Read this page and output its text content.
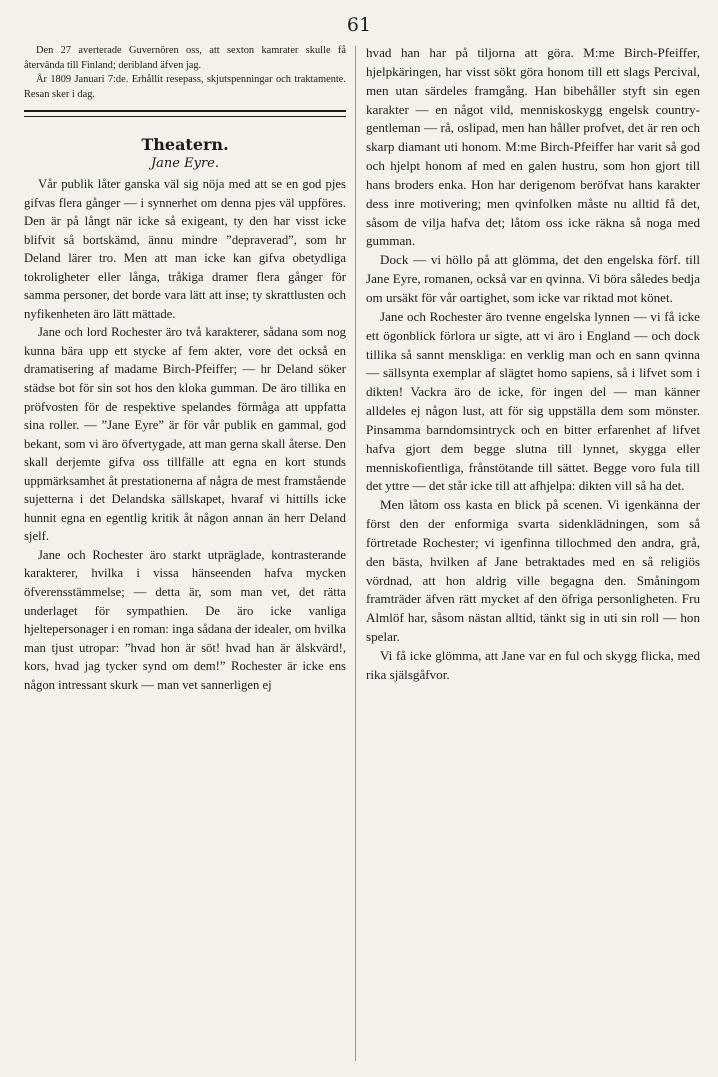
61

Den 27 averterade Guvernören oss, att sexton kamrater skulle få återvända till Finland; deribland äfven jag.

År 1809 Januari 7:de. Erhållit resepass, skjutspenningar och traktamente. Resan sker i dag.

Theatern.
Jane Eyre.

Vår publik låter ganska väl sig nöja med att se en god pjes gifvas flera gånger — i synnerhet om denna pjes väl uppföres. Den är på långt när icke så exigeant, ty den har visst icke blifvit så bortskämd, ännu mindre ”depraverad”, som hr Deland lärer tro. Men att man icke kan gifva obetydliga tokroligheter eller långa, tråkiga dramer flera gånger för samma personer, det borde vara lätt att inse; ty skrattlusten och nyfikenheten äro lätt mättade.

Jane och lord Rochester äro två karakterer, sådana som nog kunna bära upp ett stycke af fem akter, vore det också en dramatisering af madame Birch-Pfeiffer; — hr Deland söker städse bot för sin sot hos den kloka gumman. De äro tillika en pröfvosten för de respektive spelandes förmåga att uppfatta sina roller. — ”Jane Eyre” är för vår publik en gammal, god bekant, som vi äro öfvertygade, att man gerna skall återse. Den skall derjemte gifva oss tillfälle att egna en kort stunds uppmärksamhet åt prestationerna af några de mest framstående sujetterna i det Delandska sällskapet, hvaraf vi hittills icke hunnit egna en egentlig kritik åt någon annan än herr Deland sjelf.

Jane och Rochester äro starkt utpräglade, kontrasterande karakterer, hvilka i vissa hänseenden hafva mycken öfverensstämmelse; — detta är, som man vet, det rätta underlaget för sympathien. De äro icke vanliga hjeltepersonager i en roman: inga sådana der idealer, om hvilka man tjust utropar: ”hvad hon är söt! hvad han är älskvärd!, kors, hvad jag tycker synd om dem!” Rochester är icke ens någon intressant skurk — man vet sannerligen ej

hvad han har på tiljorna att göra. M:me Birch-Pfeiffer, hjelpkäringen, har visst sökt göra honom till ett slags Percival, men utan särdeles framgång. Han bibehåller styft sin egen karakter — en något vild, menniskoskygg engelsk country-gentleman — rå, oslipad, men han håller profvet, det är ren och skarp diamant uti honom. M:me Birch-Pfeiffer har varit så god och hjelpt honom af med en galen hustru, som hon gjort till hans broders enka. Hon har derigenom beröfvat hans karakter dess inre motivering; men qvinfolken måste nu alltid få det, såsom de vilja hafva det; låtom oss icke räkna så noga med gumman.

Dock — vi höllo på att glömma, det den engelska förf. till Jane Eyre, romanen, också var en qvinna. Vi böra således bedja om ursäkt för vår oartighet, som icke var riktad mot könet.

Jane och Rochester äro tvenne engelska lynnen — vi få icke ett ögonblick förlora ur sigte, att vi äro i England — och dock tillika så sannt menskliga: en verklig man och en sann qvinna — sällsynta exemplar af slägtet homo sapiens, så i lifvet som i dikten! Vackra äro de icke, för ingen del — man känner alldeles ej någon lust, att för sig uppställa dem som mönster. Pinsamma barndomsintryck och en bitter erfarenhet af lifvet hafva gjort dem begge slutna till lynnet, skygga eller menniskofientliga, frånstötande till sättet. Begge voro fula till det yttre — det står icke till att afhjelpa: dikten vill så ha det.

Men låtom oss kasta en blick på scenen. Vi igenkänna der först den der enformiga svarta sidenklädningen, som så förtretade Rochester; vi igenfinna tillochmed den andra, grå, den bästa, hvilken af Jane betraktades med en så religiös vördnad, att hon aldrig ville begagna den. Småningom framträder äfven rätt mycket af den öfriga personligheten. Fru Almlöf har, såsom nästan alltid, tänkt sig in uti sin roll — hon spelar.

Vi få icke glömma, att Jane var en ful och skygg flicka, med rika själsgåfvor.
